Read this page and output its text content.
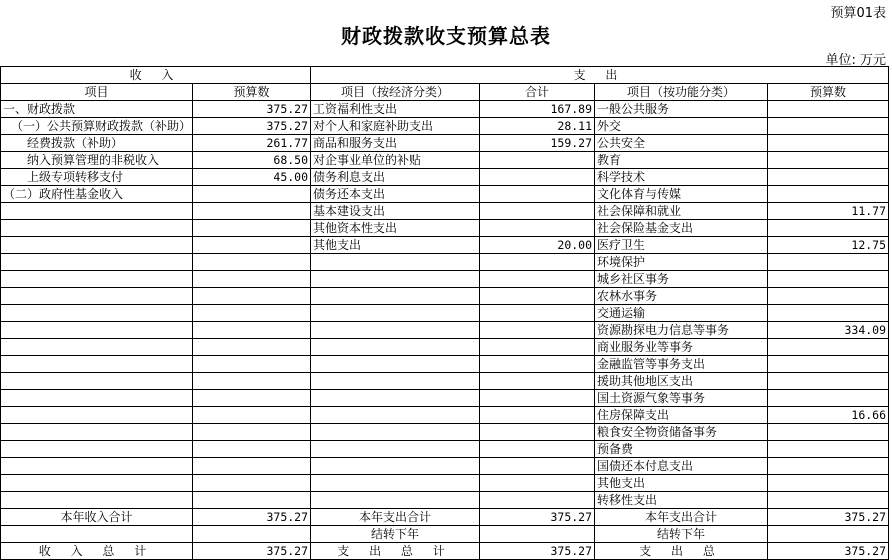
预算01表
财政拨款收支预算总表
单位: 万元
收 入		支 出			
项目	预算数	项目（按经济分类）	合计	项目（按功能分类）	预算数
一、财政拨款	375.27	工资福利性支出	167.89	一般公共服务	
（一）公共预算财政拨款（补助）	375.27	对个人和家庭补助支出	28.11	外交	
经费拨款（补助）	261.77	商品和服务支出	159.27	公共安全	
纳入预算管理的非税收入	68.50	对企事业单位的补贴		教育	
上级专项转移支付	45.00	债务利息支出		科学技术	
（二）政府性基金收入		债务还本支出		文化体育与传媒	
		基本建设支出		社会保障和就业	11.77
		其他资本性支出		社会保险基金支出	
		其他支出	20.00	医疗卫生	12.75
				环境保护	
				城乡社区事务	
				农林水事务	
				交通运输	
				资源勘探电力信息等事务	334.09
				商业服务业等事务	
				金融监管等事务支出	
				援助其他地区支出	
				国土资源气象等事务	
				住房保障支出	16.66
				粮食安全物资储备事务	
				预备费	
				国债还本付息支出	
				其他支出	
				转移性支出	
本年收入合计	375.27	本年支出合计	375.27	本年支出合计	375.27
		结转下年		结转下年	
收 入 总 计	375.27	支 出 总 计	375.27	支 出 总	375.27
